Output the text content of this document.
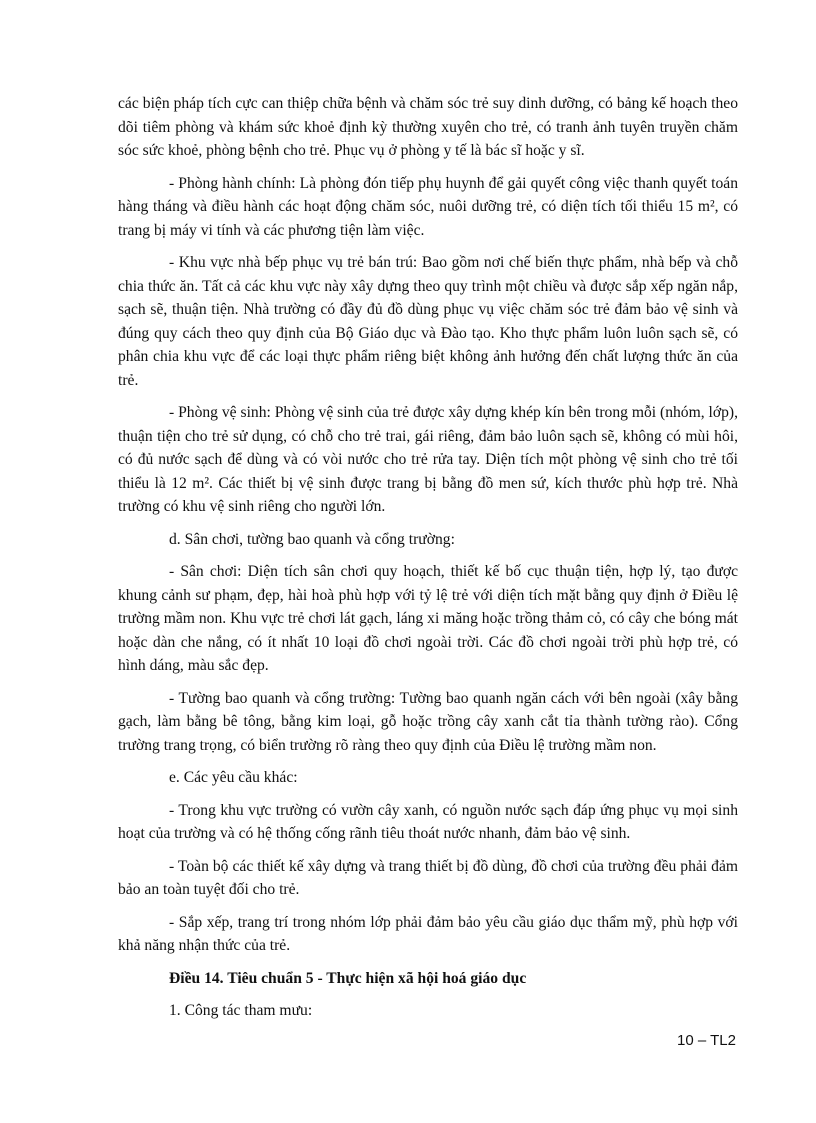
các biện pháp tích cực can thiệp chữa bệnh và chăm sóc trẻ suy dinh dưỡng, có bảng kế hoạch theo dõi tiêm phòng và khám sức khoẻ định kỳ thường xuyên cho trẻ, có tranh ảnh tuyên truyền chăm sóc sức khoẻ, phòng bệnh cho trẻ. Phục vụ ở phòng y tế là bác sĩ hoặc y sĩ.

- Phòng hành chính: Là phòng đón tiếp phụ huynh để gải quyết công việc thanh quyết toán hàng tháng và điều hành các hoạt động chăm sóc, nuôi dưỡng trẻ, có diện tích tối thiểu 15 m², có trang bị máy vi tính và các phương tiện làm việc.

- Khu vực nhà bếp phục vụ trẻ bán trú: Bao gồm nơi chế biến thực phẩm, nhà bếp và chỗ chia thức ăn. Tất cả các khu vực này xây dựng theo quy trình một chiều và được sắp xếp ngăn nắp, sạch sẽ, thuận tiện. Nhà trường có đầy đủ đồ dùng phục vụ việc chăm sóc trẻ đảm bảo vệ sinh và đúng quy cách theo quy định của Bộ Giáo dục và Đào tạo. Kho thực phẩm luôn luôn sạch sẽ, có phân chia khu vực để các loại thực phẩm riêng biệt không ảnh hưởng đến chất lượng thức ăn của trẻ.

- Phòng vệ sinh: Phòng vệ sinh của trẻ được xây dựng khép kín bên trong mỗi (nhóm, lớp), thuận tiện cho trẻ sử dụng, có chỗ cho trẻ trai, gái riêng, đảm bảo luôn sạch sẽ, không có mùi hôi, có đủ nước sạch để dùng và có vòi nước cho trẻ rửa tay. Diện tích một phòng vệ sinh cho trẻ tối thiểu là 12 m². Các thiết bị vệ sinh được trang bị bằng đồ men sứ, kích thước phù hợp trẻ. Nhà trường có khu vệ sinh riêng cho người lớn.

d. Sân chơi, tường bao quanh và cổng trường:

- Sân chơi: Diện tích sân chơi quy hoạch, thiết kế bố cục thuận tiện, hợp lý, tạo được khung cảnh sư phạm, đẹp, hài hoà phù hợp với tỷ lệ trẻ với diện tích mặt bằng quy định ở Điều lệ trường mầm non. Khu vực trẻ chơi lát gạch, láng xi măng hoặc trồng thảm cỏ, có cây che bóng mát hoặc dàn che nắng, có ít nhất 10 loại đồ chơi ngoài trời. Các đồ chơi ngoài trời phù hợp trẻ, có hình dáng, màu sắc đẹp.

- Tường bao quanh và cổng trường: Tường bao quanh ngăn cách với bên ngoài (xây bằng gạch, làm bằng bê tông, bằng kim loại, gỗ hoặc trồng cây xanh cắt tỉa thành tường rào). Cổng trường trang trọng, có biển trường rõ ràng theo quy định của Điều lệ trường mầm non.

e. Các yêu cầu khác:

- Trong khu vực trường có vườn cây xanh, có nguồn nước sạch đáp ứng phục vụ mọi sinh hoạt của trường và có hệ thống cống rãnh tiêu thoát nước nhanh, đảm bảo vệ sinh.

- Toàn bộ các thiết kế xây dựng và trang thiết bị đồ dùng, đồ chơi của trường đều phải đảm bảo an toàn tuyệt đối cho trẻ.

- Sắp xếp, trang trí trong nhóm lớp phải đảm bảo yêu cầu giáo dục thẩm mỹ, phù hợp với khả năng nhận thức của trẻ.

Điều 14. Tiêu chuẩn 5 - Thực hiện xã hội hoá giáo dục

1. Công tác tham mưu:

10 – TL2
